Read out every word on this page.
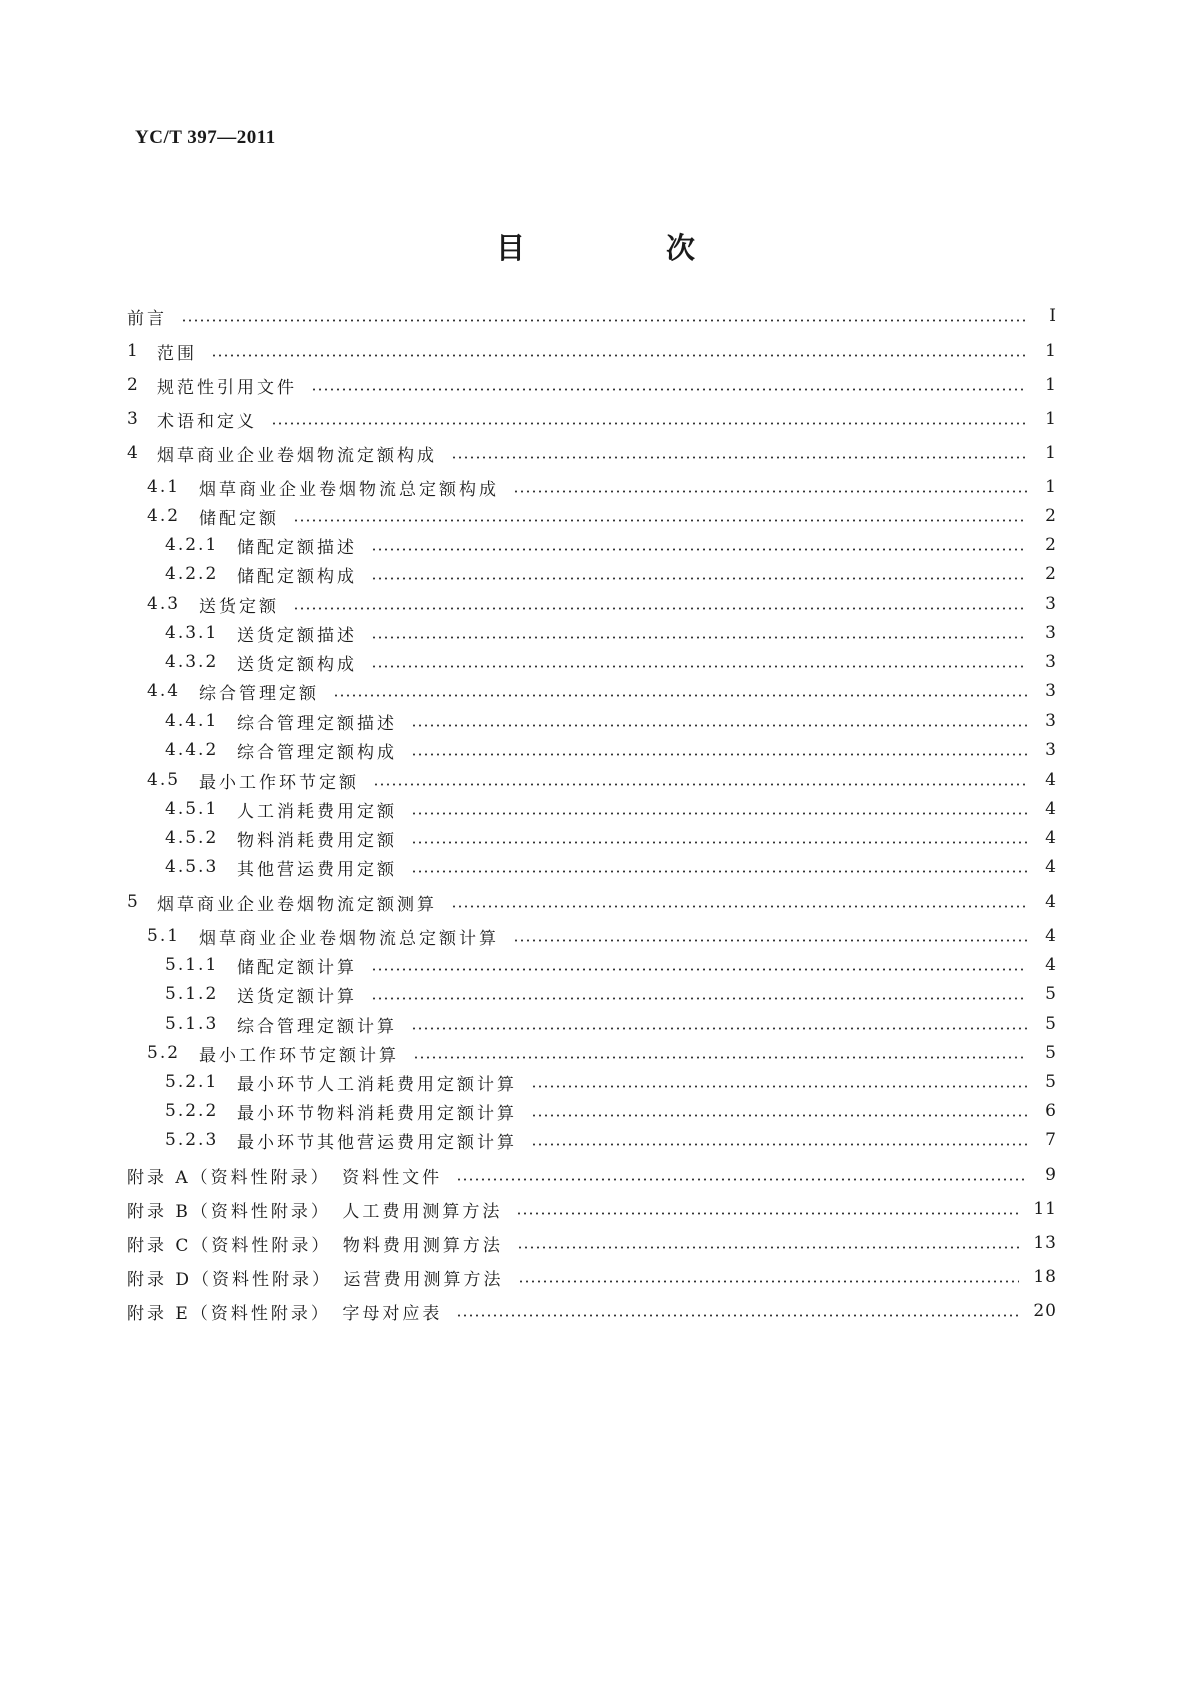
YC/T 397—2011
目　次
前言	Ⅰ
1	范围	1
2	规范性引用文件	1
3	术语和定义	1
4	烟草商业企业卷烟物流定额构成	1
4.1	烟草商业企业卷烟物流总定额构成	1
4.2	储配定额	2
4.2.1	储配定额描述	2
4.2.2	储配定额构成	2
4.3	送货定额	3
4.3.1	送货定额描述	3
4.3.2	送货定额构成	3
4.4	综合管理定额	3
4.4.1	综合管理定额描述	3
4.4.2	综合管理定额构成	3
4.5	最小工作环节定额	4
4.5.1	人工消耗费用定额	4
4.5.2	物料消耗费用定额	4
4.5.3	其他营运费用定额	4
5	烟草商业企业卷烟物流定额测算	4
5.1	烟草商业企业卷烟物流总定额计算	4
5.1.1	储配定额计算	4
5.1.2	送货定额计算	5
5.1.3	综合管理定额计算	5
5.2	最小工作环节定额计算	5
5.2.1	最小环节人工消耗费用定额计算	5
5.2.2	最小环节物料消耗费用定额计算	6
5.2.3	最小环节其他营运费用定额计算	7
附录 A（资料性附录）　资料性文件	9
附录 B（资料性附录）　人工费用测算方法	11
附录 C（资料性附录）　物料费用测算方法	13
附录 D（资料性附录）　运营费用测算方法	18
附录 E（资料性附录）　字母对应表	20
